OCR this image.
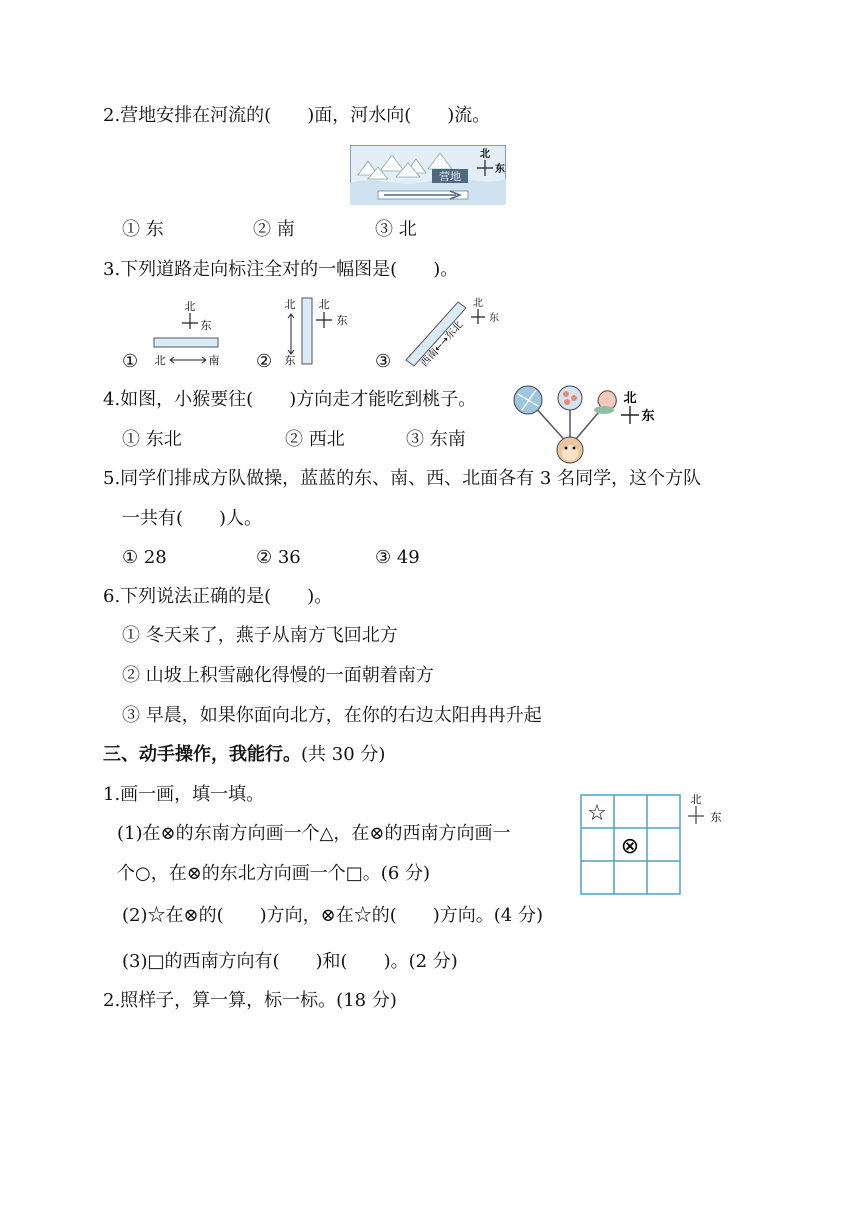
2.营地安排在河流的(　　)面，河水向(　　)流。
营地
北
东
① 东	② 南	③ 北
3.下列道路走向标注全对的一幅图是(　　)。
①
北
东
北	南 ②
北
东
北
东
③	西南←→东北
北
东
4.如图，小猴要往(　　)方向走才能吃到桃子。
① 东北	② 西北	③ 东南
北
东
5.同学们排成方队做操，蓝蓝的东、南、西、北面各有 3 名同学，这个方队
一共有(　　)人。
① 28	② 36	③ 49
6.下列说法正确的是(　　)。
① 冬天来了，燕子从南方飞回北方
② 山坡上积雪融化得慢的一面朝着南方
③ 早晨，如果你面向北方，在你的右边太阳冉冉升起
三、动手操作，我能行。(共 30 分)
1.画一画，填一填。
(1)在⊗的东南方向画一个△，在⊗的西南方向画一
个○，在⊗的东北方向画一个□。(6 分)
(2)☆在⊗的(　　)方向，⊗在☆的(　　)方向。(4 分)
(3)□的西南方向有(　　)和(　　)。(2 分)
☆
⊗
北
东
2.照样子，算一算，标一标。(18 分)
